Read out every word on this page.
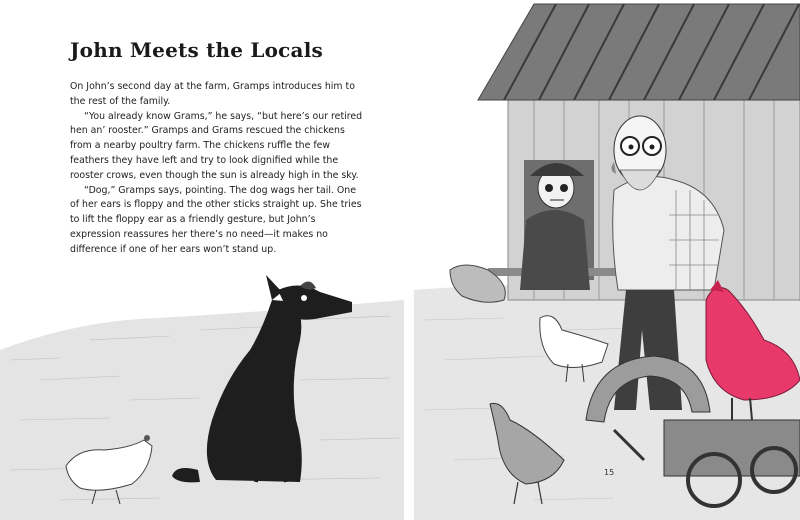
John Meets the Locals

On John’s second day at the farm, Gramps introduces him to the rest of the family.

“You already know Grams,” he says, “but here’s our retired hen an’ rooster.” Gramps and Grams rescued the chickens from a nearby poultry farm. The chickens ruffle the few feathers they have left and try to look dignified while the rooster crows, even though the sun is already high in the sky.

“Dog,” Gramps says, pointing. The dog wags her tail. One of her ears is floppy and the other sticks straight up. She tries to lift the floppy ear as a friendly gesture, but John’s expression reassures her there’s no need—it makes no difference if one of her ears won’t stand up.

15
